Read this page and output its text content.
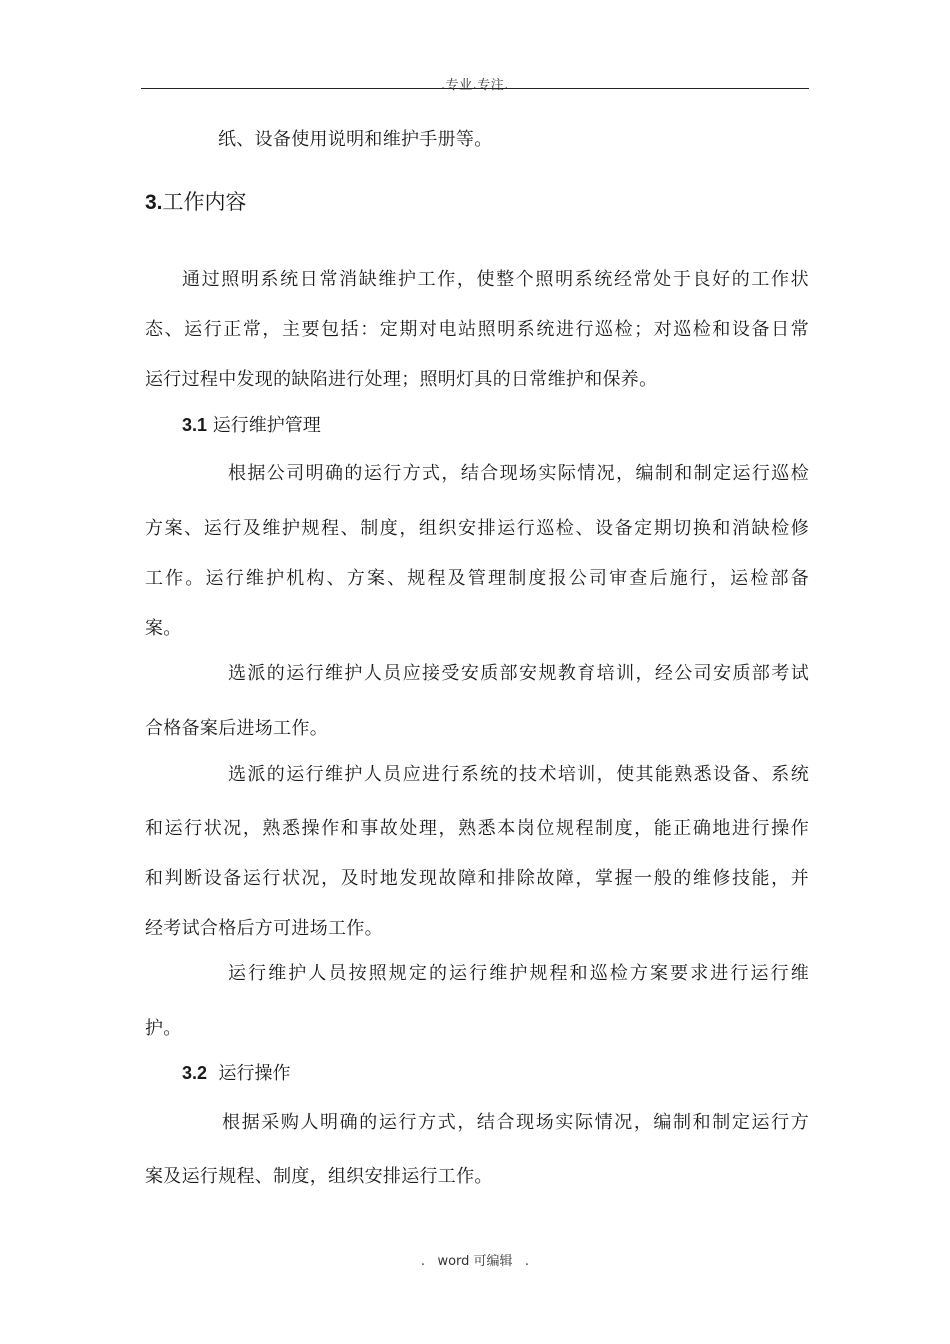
.专业.专注.
纸、设备使用说明和维护手册等。
3.工作内容
通过照明系统日常消缺维护工作，使整个照明系统经常处于良好的工作状
态、运行正常，主要包括：定期对电站照明系统进行巡检；对巡检和设备日常
运行过程中发现的缺陷进行处理；照明灯具的日常维护和保养。
3.1 运行维护管理
根据公司明确的运行方式，结合现场实际情况，编制和制定运行巡检
方案、运行及维护规程、制度，组织安排运行巡检、设备定期切换和消缺检修
工作。运行维护机构、方案、规程及管理制度报公司审查后施行，运检部备
案。
选派的运行维护人员应接受安质部安规教育培训，经公司安质部考试
合格备案后进场工作。
选派的运行维护人员应进行系统的技术培训，使其能熟悉设备、系统
和运行状况，熟悉操作和事故处理，熟悉本岗位规程制度，能正确地进行操作
和判断设备运行状况，及时地发现故障和排除故障，掌握一般的维修技能，并
经考试合格后方可进场工作。
运行维护人员按照规定的运行维护规程和巡检方案要求进行运行维
护。
3.2 运行操作
根据采购人明确的运行方式，结合现场实际情况，编制和制定运行方
案及运行规程、制度，组织安排运行工作。
.   word 可编辑   .
